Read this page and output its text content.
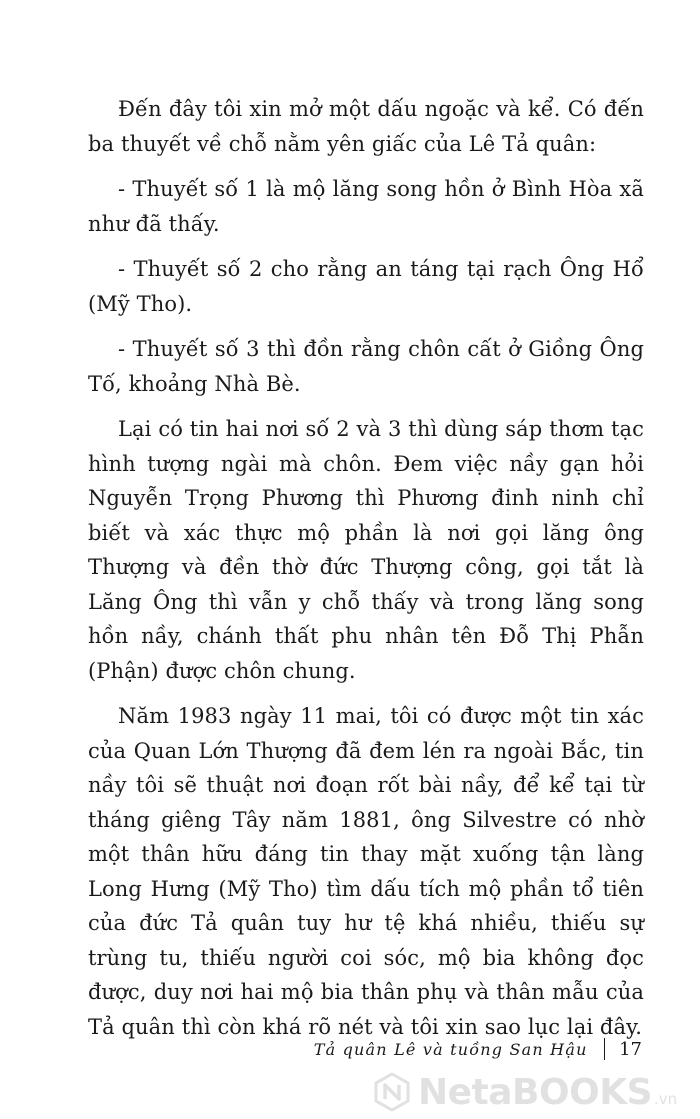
Đến đây tôi xin mở một dấu ngoặc và kể. Có đến ba thuyết về chỗ nằm yên giấc của Lê Tả quân:

- Thuyết số 1 là mộ lăng song hồn ở Bình Hòa xã như đã thấy.

- Thuyết số 2 cho rằng an táng tại rạch Ông Hổ (Mỹ Tho).

- Thuyết số 3 thì đồn rằng chôn cất ở Giồng Ông Tố, khoảng Nhà Bè.

Lại có tin hai nơi số 2 và 3 thì dùng sáp thơm tạc hình tượng ngài mà chôn. Đem việc nầy gạn hỏi Nguyễn Trọng Phương thì Phương đinh ninh chỉ biết và xác thực mộ phần là nơi gọi lăng ông Thượng và đền thờ đức Thượng công, gọi tắt là Lăng Ông thì vẫn y chỗ thấy và trong lăng song hồn nầy, chánh thất phu nhân tên Đỗ Thị Phẫn (Phận) được chôn chung.

Năm 1983 ngày 11 mai, tôi có được một tin xác của Quan Lớn Thượng đã đem lén ra ngoài Bắc, tin nầy tôi sẽ thuật nơi đoạn rốt bài nầy, để kể tại từ tháng giêng Tây năm 1881, ông Silvestre có nhờ một thân hữu đáng tin thay mặt xuống tận làng Long Hưng (Mỹ Tho) tìm dấu tích mộ phần tổ tiên của đức Tả quân tuy hư tệ khá nhiều, thiếu sự trùng tu, thiếu người coi sóc, mộ bia không đọc được, duy nơi hai mộ bia thân phụ và thân mẫu của Tả quân thì còn khá rõ nét và tôi xin sao lục lại đây.

Tả quân Lê và tuồng San Hậu 17
NetaBOOKS .vn
